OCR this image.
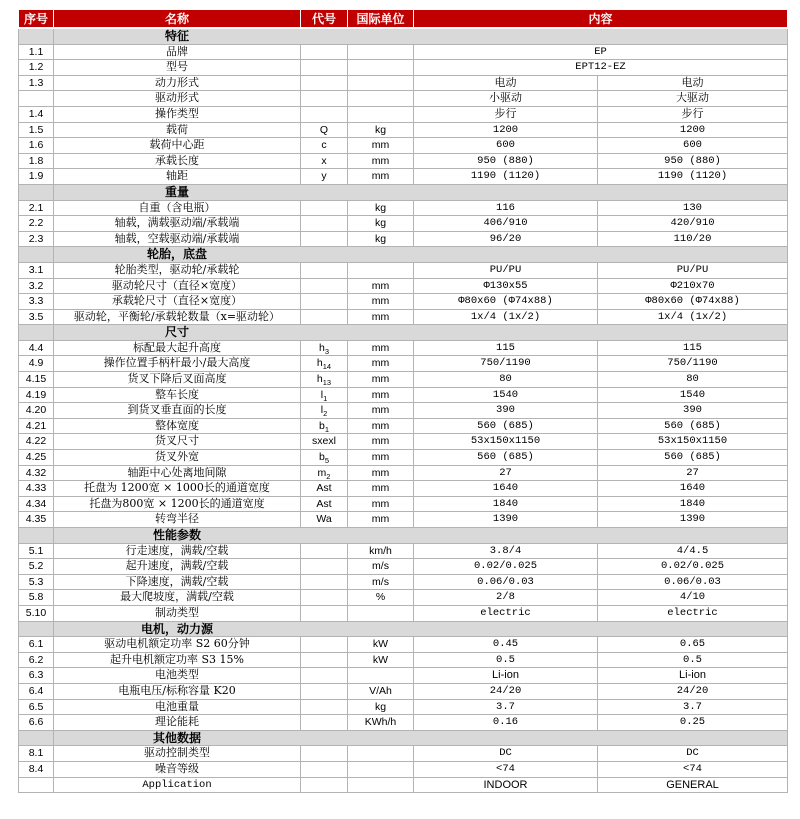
序号	名称	代号	国际单位	内容	
	特征				
1.1	品牌			EP	
1.2	型号			EPT12-EZ	
1.3	动力形式			电动	电动
	驱动形式			小驱动	大驱动
1.4	操作类型			步行	步行
1.5	载荷	Q	kg	1200	1200
1.6	载荷中心距	c	mm	600	600
1.8	承载长度	x	mm	950 (880)	950 (880)
1.9	轴距	y	mm	1190 (1120)	1190 (1120)
	重量				
2.1	自重（含电瓶）		kg	116	130
2.2	轴载，满载驱动端/承载端		kg	406/910	420/910
2.3	轴载，空载驱动端/承载端		kg	96/20	110/20
	轮胎，底盘				
3.1	轮胎类型，驱动轮/承载轮			PU/PU	PU/PU
3.2	驱动轮尺寸（直径×宽度）		mm	Φ130x55	Φ210x70
3.3	承载轮尺寸（直径×宽度）		mm	Φ80x60 (Φ74x88)	Φ80x60 (Φ74x88)
3.5	驱动轮，平衡轮/承载轮数量（x=驱动轮）		mm	1x/4 (1x/2)	1x/4 (1x/2)
	尺寸				
4.4	标配最大起升高度	$h_3$	mm	115	115
4.9	操作位置手柄杆最小/最大高度	$h_{14}$	mm	750/1190	750/1190
4.15	货叉下降后叉面高度	$h_{13}$	mm	80	80
4.19	整车长度	$l_1$	mm	1540	1540
4.20	到货叉垂直面的长度	$l_2$	mm	390	390
4.21	整体宽度	$b_1$	mm	560 (685)	560 (685)
4.22	货叉尺寸	sxexl	mm	53x150x1150	53x150x1150
4.25	货叉外宽	$b_5$	mm	560 (685)	560 (685)
4.32	轴距中心处离地间隙	$m_2$	mm	27	27
4.33	托盘为 1200宽 × 1000长的通道宽度	Ast	mm	1640	1640
4.34	托盘为800宽 × 1200长的通道宽度	Ast	mm	1840	1840
4.35	转弯半径	Wa	mm	1390	1390
	性能参数				
5.1	行走速度，满载/空载		km/h	3.8/4	4/4.5
5.2	起升速度，满载/空载		m/s	0.02/0.025	0.02/0.025
5.3	下降速度，满载/空载		m/s	0.06/0.03	0.06/0.03
5.8	最大爬坡度，满载/空载		%	2/8	4/10
5.10	制动类型			electric	electric
	电机，动力源				
6.1	驱动电机额定功率 S2 60分钟		kW	0.45	0.65
6.2	起升电机额定功率 S3 15%		kW	0.5	0.5
6.3	电池类型			Li-ion	Li-ion
6.4	电瓶电压/标称容量 K20		V/Ah	24/20	24/20
6.5	电池重量		kg	3.7	3.7
6.6	理论能耗		KWh/h	0.16	0.25
	其他数据				
8.1	驱动控制类型			DC	DC
8.4	噪音等级			<74	<74
	Application			INDOOR	GENERAL
